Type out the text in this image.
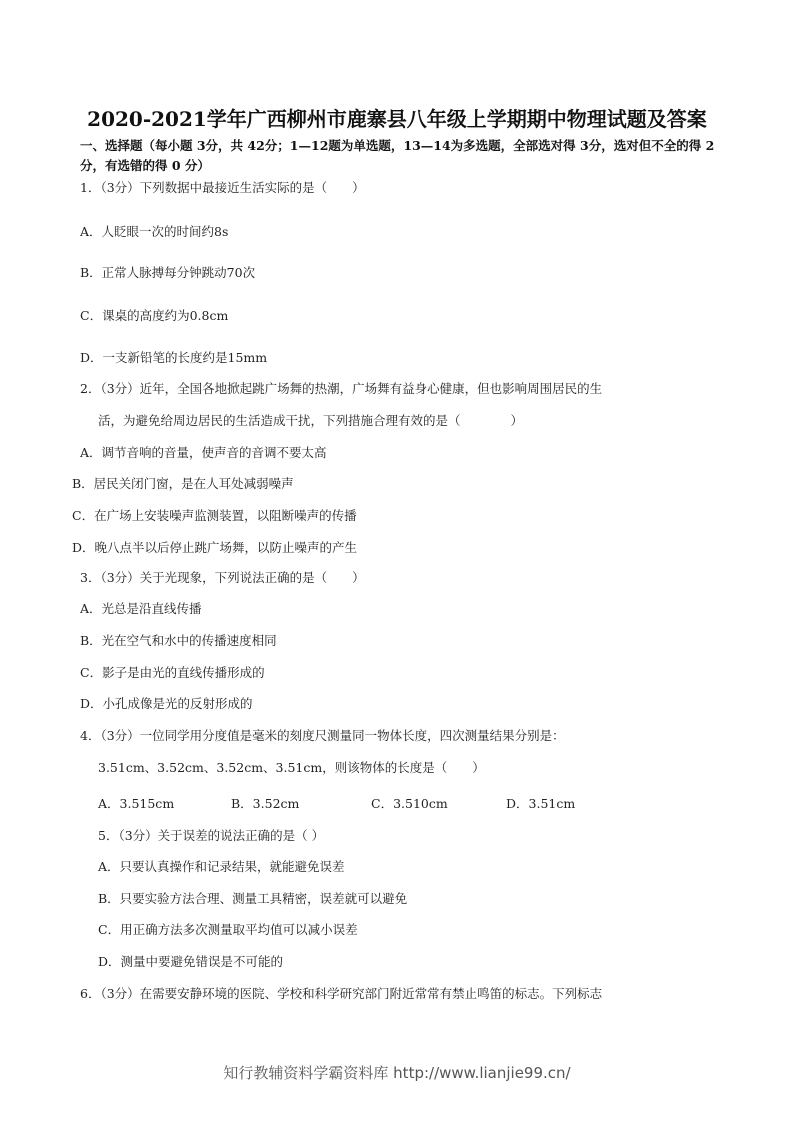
2020-2021学年广西柳州市鹿寨县八年级上学期期中物理试题及答案
一、选择题（每小题 3分，共 42分；1—12题为单选题，13—14为多选题，全部选对得 3分，选对但不全的得 2 分，有选错的得 0 分）
1．（3分）下列数据中最接近生活实际的是（　　）
A．人眨眼一次的时间约8s
B．正常人脉搏每分钟跳动70次
C．课桌的高度约为0.8cm
D．一支新铅笔的长度约是15mm
2．（3分）近年，全国各地掀起跳广场舞的热潮，广场舞有益身心健康，但也影响周围居民的生
活，为避免给周边居民的生活造成干扰，下列措施合理有效的是（　　　　）
A．调节音响的音量，使声音的音调不要太高
B．居民关闭门窗，是在人耳处减弱噪声
C．在广场上安装噪声监测装置，以阻断噪声的传播
D．晚八点半以后停止跳广场舞，以防止噪声的产生
3．（3分）关于光现象，下列说法正确的是（　　）
A．光总是沿直线传播
B．光在空气和水中的传播速度相同
C．影子是由光的直线传播形成的
D．小孔成像是光的反射形成的
4．（3分）一位同学用分度值是毫米的刻度尺测量同一物体长度，四次测量结果分别是：
3.51cm、3.52cm、3.52cm、3.51cm，则该物体的长度是（　　）
A．3.515cm	B．3.52cm	C．3.510cm	D．3.51cm
5．（3分）关于误差的说法正确的是（ ）
A．只要认真操作和记录结果，就能避免误差
B．只要实验方法合理、测量工具精密，误差就可以避免
C．用正确方法多次测量取平均值可以减小误差
D．测量中要避免错误是不可能的
6．（3分）在需要安静环境的医院、学校和科学研究部门附近常常有禁止鸣笛的标志。下列标志
知行教辅资料学霸资料库 http://www.lianjie99.cn/
